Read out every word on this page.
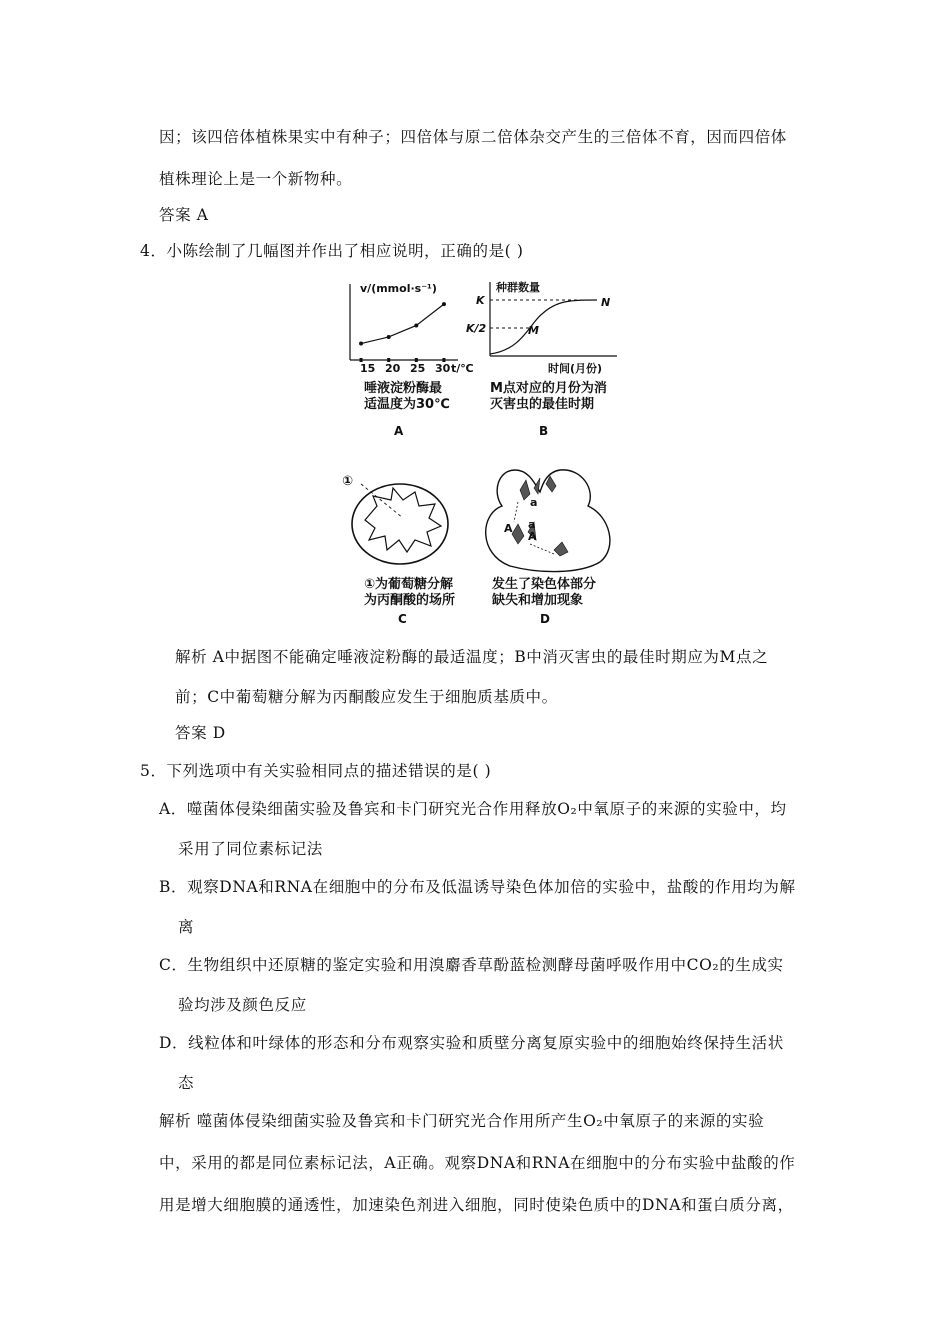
因；该四倍体植株果实中有种子；四倍体与原二倍体杂交产生的三倍体不育，因而四倍体
植株理论上是一个新物种。
答案 A
4．小陈绘制了几幅图并作出了相应说明，正确的是( )
v/(mmol·s⁻¹)
15 20 25 30 t/℃
唾液淀粉酶最
适温度为30℃
A
种群数量
K
K/2
N
M
时间(月份)
M点对应的月份为消
灭害虫的最佳时期
B
①
①为葡萄糖分解
为丙酮酸的场所
C
a
A a
A
发生了染色体部分
缺失和增加现象
D
解析 A中据图不能确定唾液淀粉酶的最适温度；B中消灭害虫的最佳时期应为M点之
前；C中葡萄糖分解为丙酮酸应发生于细胞质基质中。
答案 D
5．下列选项中有关实验相同点的描述错误的是( )
A．噬菌体侵染细菌实验及鲁宾和卡门研究光合作用释放O₂中氧原子的来源的实验中，均
采用了同位素标记法
B．观察DNA和RNA在细胞中的分布及低温诱导染色体加倍的实验中，盐酸的作用均为解
离
C．生物组织中还原糖的鉴定实验和用溴麝香草酚蓝检测酵母菌呼吸作用中CO₂的生成实
验均涉及颜色反应
D．线粒体和叶绿体的形态和分布观察实验和质壁分离复原实验中的细胞始终保持生活状
态
解析 噬菌体侵染细菌实验及鲁宾和卡门研究光合作用所产生O₂中氧原子的来源的实验
中，采用的都是同位素标记法，A正确。观察DNA和RNA在细胞中的分布实验中盐酸的作
用是增大细胞膜的通透性，加速染色剂进入细胞，同时使染色质中的DNA和蛋白质分离，
